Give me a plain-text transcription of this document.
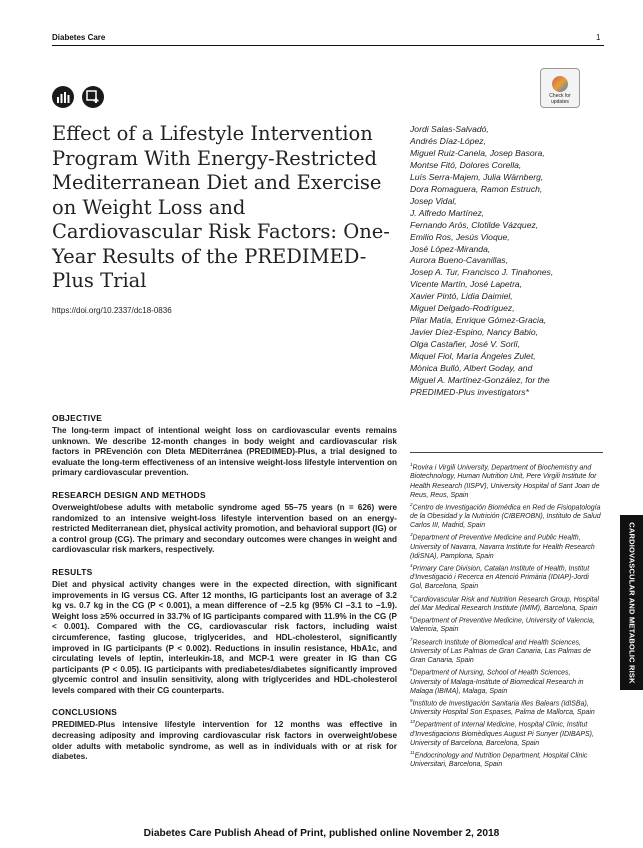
Diabetes Care	1
Check for
updates
Effect of a Lifestyle Intervention Program With Energy-Restricted Mediterranean Diet and Exercise on Weight Loss and Cardiovascular Risk Factors: One-Year Results of the PREDIMED-Plus Trial
https://doi.org/10.2337/dc18-0836
Jordi Salas-Salvadó,
Andrés Díaz-López,
Miguel Ruiz-Canela, Josep Basora,
Montse Fitó, Dolores Corella,
Luís Serra-Majem, Julia Wärnberg,
Dora Romaguera, Ramon Estruch,
Josep Vidal,
J. Alfredo Martínez,
Fernando Arós, Clotilde Vázquez,
Emilio Ros, Jesús Vioque,
José López-Miranda,
Aurora Bueno-Cavanillas,
Josep A. Tur, Francisco J. Tinahones,
Vicente Martín, José Lapetra,
Xavier Pintó, Lidia Daimiel,
Miguel Delgado-Rodríguez,
Pilar Matía, Enrique Gómez-Gracia,
Javier Díez-Espino, Nancy Babio,
Olga Castañer, José V. Sorlí,
Miquel Fiol, María Ángeles Zulet,
Mònica Bulló, Albert Goday, and
Miguel A. Martínez-González, for the
PREDIMED-Plus investigators*
OBJECTIVE

The long-term impact of intentional weight loss on cardiovascular events remains unknown. We describe 12-month changes in body weight and cardiovascular risk factors in PREvención con DIeta MEDiterránea (PREDIMED)-Plus, a trial designed to evaluate the long-term effectiveness of an intensive weight-loss lifestyle intervention on primary cardiovascular prevention.

RESEARCH DESIGN AND METHODS

Overweight/obese adults with metabolic syndrome aged 55–75 years (n = 626) were randomized to an intensive weight-loss lifestyle intervention based on an energy-restricted Mediterranean diet, physical activity promotion, and behavioral support (IG) or a control group (CG). The primary and secondary outcomes were changes in weight and cardiovascular risk markers, respectively.

RESULTS

Diet and physical activity changes were in the expected direction, with significant improvements in IG versus CG. After 12 months, IG participants lost an average of 3.2 kg vs. 0.7 kg in the CG (P < 0.001), a mean difference of −2.5 kg (95% CI −3.1 to −1.9). Weight loss ≥5% occurred in 33.7% of IG participants compared with 11.9% in the CG (P < 0.001). Compared with the CG, cardiovascular risk factors, including waist circumference, fasting glucose, triglycerides, and HDL-cholesterol, significantly improved in IG participants (P < 0.002). Reductions in insulin resistance, HbA1c, and circulating levels of leptin, interleukin-18, and MCP-1 were greater in IG than CG participants (P < 0.05). IG participants with prediabetes/diabetes significantly improved glycemic control and insulin sensitivity, along with triglycerides and HDL-cholesterol levels compared with their CG counterparts.

CONCLUSIONS

PREDIMED-Plus intensive lifestyle intervention for 12 months was effective in decreasing adiposity and improving cardiovascular risk factors in overweight/obese older adults with metabolic syndrome, as well as in individuals with or at risk for diabetes.

$^1$Rovira i Virgili University, Department of Biochemistry and Biotechnology, Human Nutrition Unit, Pere Virgili Institute for Health Research (IISPV), University Hospital of Sant Joan de Reus, Reus, Spain
$^2$Centro de Investigación Biomédica en Red de Fisiopatología de la Obesidad y la Nutrición (CIBEROBN), Instituto de Salud Carlos III, Madrid, Spain
$^3$Department of Preventive Medicine and Public Health, University of Navarra, Navarra Institute for Health Research (IdiSNA), Pamplona, Spain
$^4$Primary Care Division, Catalan Institute of Health, Institut d'Investigació i Recerca en Atenció Primària (IDIAP)-Jordi Gol, Barcelona, Spain
$^5$Cardiovascular Risk and Nutrition Research Group, Hospital del Mar Medical Research Institute (IMIM), Barcelona, Spain
$^6$Department of Preventive Medicine, University of Valencia, Valencia, Spain
$^7$Research Institute of Biomedical and Health Sciences, University of Las Palmas de Gran Canaria, Las Palmas de Gran Canaria, Spain
$^8$Department of Nursing, School of Health Sciences, University of Malaga-Institute of Biomedical Research in Malaga (IBIMA), Malaga, Spain
$^9$Instituto de Investigación Sanitaria Illes Balears (IdISBa), University Hospital Son Espases, Palma de Mallorca, Spain
$^{10}$Department of Internal Medicine, Hospital Clinic, Institut d'Investigacions Biomèdiques August Pi Sunyer (IDIBAPS), University of Barcelona, Barcelona, Spain
$^{11}$Endocrinology and Nutrition Department, Hospital Clinic Universitari, Barcelona, Spain
CARDIOVASCULAR AND METABOLIC RISK
Diabetes Care Publish Ahead of Print, published online November 2, 2018
